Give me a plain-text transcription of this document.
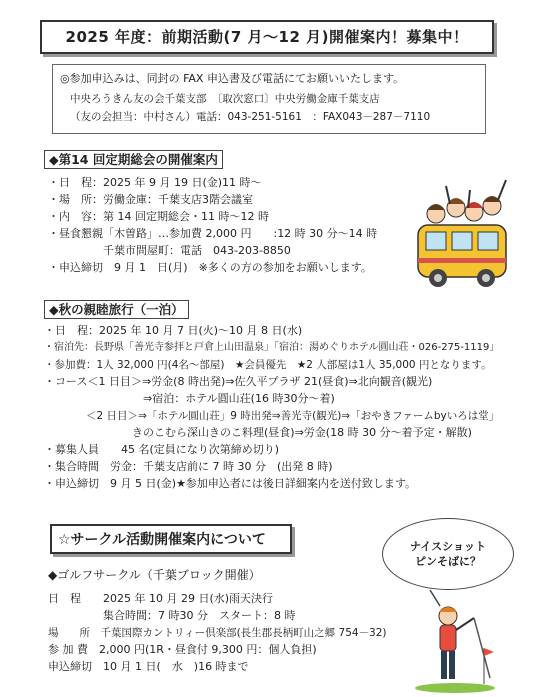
2025 年度：前期活動(7 月～12 月)開催案内！募集中！
◎参加申込みは、同封の FAX 申込書及び電話にてお願いいたします。
中央ろうきん友の会千葉支部　〔取次窓口〕中央労働金庫千葉支店
（友の会担当：中村さん）電話：043-251-5161　：FAX043－287－7110
◆第14 回定期総会の開催案内
・日　程：2025 年 9 月 19 日(金)11 時～
・場　所：労働金庫：千葉支店3階会議室
・内　容：第 14 回定期総会・11 時～12 時
・昼食懇親「木曽路」…参加費 2,000 円　　:12 時 30 分～14 時
　　　　　千葉市問屋町：電話　043-203-8850
・申込締切　9 月 1　日(月)　※多くの方の参加をお願いします。
◆秋の親睦旅行（一泊）
・日　程：2025 年 10 月 7 日(火)～10 月 8 日(水)
・宿泊先：長野県「善光寺参拝と戸倉上山田温泉」「宿泊：湯めぐりホテル圓山荘・026-275-1119」
・参加費：1人 32,000 円(4名～部屋)　★会員優先　★2 人部屋は1人 35,000 円となります。
・コース＜1 日目＞⇒労金(8 時出発)⇒佐久平プラザ 21(昼食)⇒北向観音(観光)
　　　　　　　　　⇒宿泊：ホテル圓山荘(16 時30分～着)
　　　　＜2 日目＞⇒「ホテル圓山荘」9 時出発⇒善光寺(観光)⇒「おやきファームbyいろは堂」
　　　　　　　　きのこむら深山きのこ料理(昼食)⇒労金(18 時 30 分～着予定・解散)
・募集人員　　45 名(定員になり次第締め切り)
・集合時間　労金：千葉支店前に 7 時 30 分　(出発 8 時)
・申込締切　9 月 5 日(金)★参加申込者には後日詳細案内を送付致します。
☆サークル活動開催案内について
◆ゴルフサークル（千葉ブロック開催）
日　程　　2025 年 10 月 29 日(水)雨天決行
　　　　　集合時間：7 時30 分　スタート：8 時
場　　所　千葉国際カントリィー倶楽部(長生郡長柄町山之郷 754－32)
参 加 費　2,000 円(1R・昼食付 9,300 円：個人負担)
申込締切　10 月 1 日(　水　)16 時まで
ナイスショット
ピンそばに？
